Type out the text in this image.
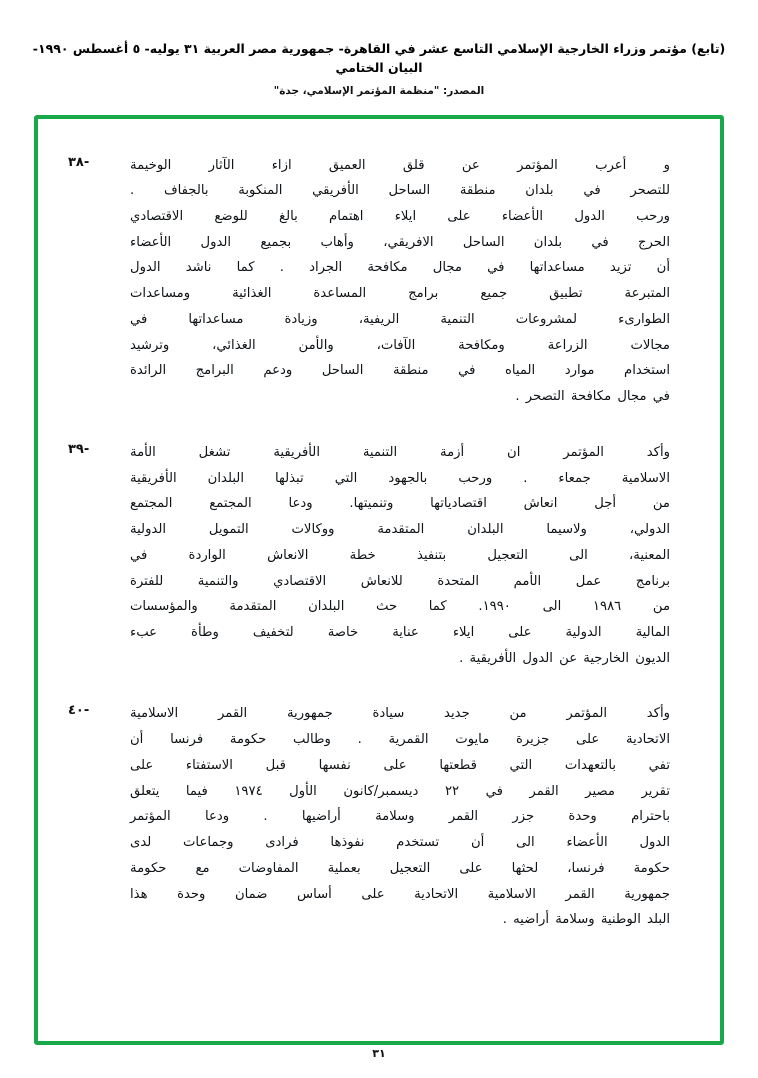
(تابع) مؤتمر وزراء الخارجية الإسلامي التاسع عشر في القاهرة- جمهورية مصر العربية ٣١ يوليه- ٥ أغسطس ١٩٩٠- البيان الختامي
المصدر: "منظمة المؤتمر الإسلامي، جدة"
و أعرب المؤتمر عن قلق العميق ازاء الآثار الوخيمة
للتصحر في بلدان منطقة الساحل الأفريقي المنكوبة بالجفاف .
ورحب الدول الأعضاء على ايلاء اهتمام بالغ للوضع الاقتصادي
الحرج في بلدان الساحل الافريقي، وأهاب بجميع الدول الأعضاء
أن تزيد مساعداتها في مجال مكافحة الجراد . كما ناشد الدول
المتبرعة تطبيق جميع برامج المساعدة الغذائية ومساعدات
الطوارىء لمشروعات التنمية الريفية، وزيادة مساعداتها في
مجالات الزراعة ومكافحة الآفات، والأمن الغذائي، وترشيد
استخدام موارد المياه في منطقة الساحل ودعم البرامج الرائدة
في مجال مكافحة التصحر .
-٣٨
وأكد المؤتمر ان أزمة التنمية الأفريقية تشغل الأمة
الاسلامية جمعاء . ورحب بالجهود التي تبذلها البلدان الأفريقية
من أجل انعاش اقتصادياتها وتنميتها. ودعا المجتمع المجتمع
الدولي، ولاسيما البلدان المتقدمة ووكالات التمويل الدولية
المعنية، الى التعجيل بتنفيذ خطة الانعاش الواردة في
برنامج عمل الأمم المتحدة للانعاش الاقتصادي والتنمية للفترة
من ١٩٨٦ الى ١٩٩٠. كما حث البلدان المتقدمة والمؤسسات
المالية الدولية على ايلاء عناية خاصة لتخفيف وطأة عبء
الديون الخارجية عن الدول الأفريقية .
-٣٩
وأكد المؤتمر من جديد سيادة جمهورية القمر الاسلامية
الاتحادية على جزيرة مايوت القمرية . وطالب حكومة فرنسا أن
تفي بالتعهدات التي قطعتها على نفسها قبل الاستفتاء على
تقرير مصير القمر في ٢٢ ديسمبر/كانون الأول ١٩٧٤ فيما يتعلق
باحترام وحدة جزر القمر وسلامة أراضيها . ودعا المؤتمر
الدول الأعضاء الى أن تستخدم نفوذها فرادى وجماعات لدى
حكومة فرنسا، لحثها على التعجيل بعملية المفاوضات مع حكومة
جمهورية القمر الاسلامية الاتحادية على أساس ضمان وحدة هذا
البلد الوطنية وسلامة أراضيه .
-٤٠
٣١
